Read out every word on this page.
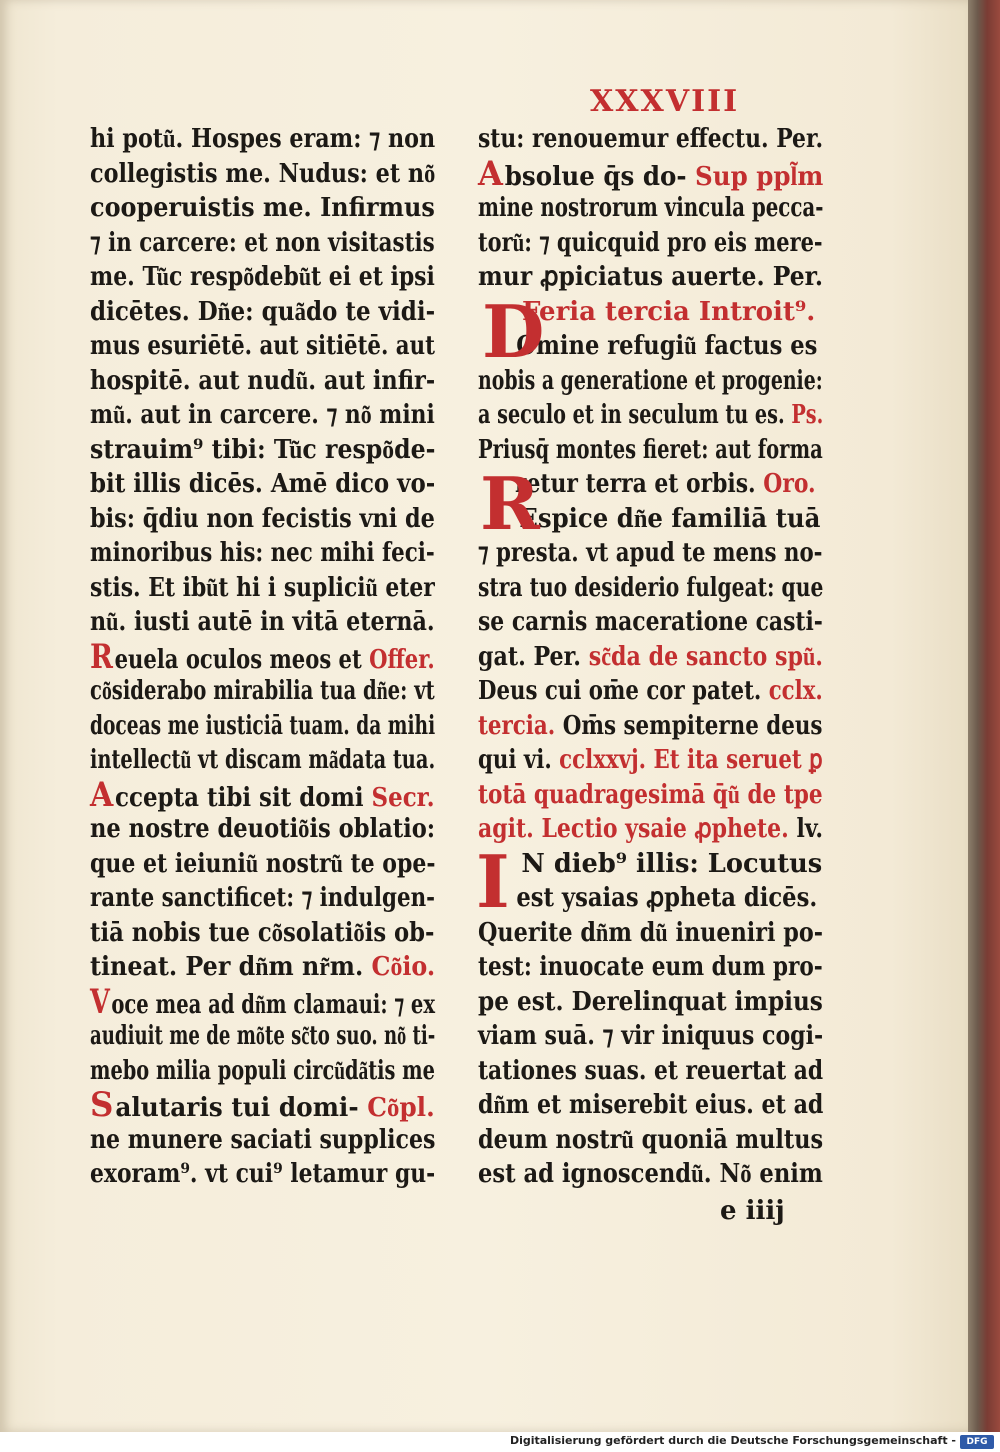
XXXVIII
hi potu͂. Hospes eram: ⁊ non
collegistis me. Nudus: et no͂
cooperuistis me. Infirmus
⁊ in carcere: et non visitastis
me. Tu͂c respo͂debu͂t ei et ipsi
dicētes. Dn͂e: qua͂do te vidi-
mus esuriētē. aut sitiētē. aut
hospitē. aut nudu͂. aut infir-
mu͂. aut in carcere. ⁊ no͂ mini
strauim⁹ tibi: Tu͂c respo͂de-
bit illis dicēs. Amē dico vo-
bis: q̄diu non fecistis vni de
minoribus his: nec mihi feci-
stis. Et ibu͂t hi i supliciu͂ eter
nu͂. iusti autē in vitā eternā.
Reuela oculos meos et Offer.
co͂siderabo mirabilia tua dn͂e: vt
doceas me iusticiā tuam. da mihi
intellectu͂ vt discam ma͂data tua.
Accepta tibi sit domi Secr.
ne nostre deuotio͂is oblatio:
que et ieiuniu͂ nostru͂ te ope-
rante sanctificet: ⁊ indulgen-
tiā nobis tue co͂solatio͂is ob-
tineat. Per dn͂m nr͂m. Co͂io.
Voce mea ad dn͂m clamaui: ⁊ ex
audiuit me de mo͂te sc͂to suo. no͂ ti-
mebo milia populi circu͂da͂tis me
Salutaris tui domi- Co͂pl.
ne munere saciati supplices
exoram⁹. vt cui⁹ letamur gu-
stu: renouemur effectu. Per.
Absolue q̄s do- Sup ppl͂m
mine nostrorum vincula pecca-
toru͂: ⁊ quicquid pro eis mere-
mur ꝓpiciatus auerte. Per.
Feria tercia Introit⁹.
Omine refugiu͂ factus es
nobis a generatione et progenie:
a seculo et in seculum tu es. Ps.
Priusq̄ montes fieret: aut forma
retur terra et orbis. Oro.
Espice dn͂e familiā tuā
⁊ presta. vt apud te mens no-
stra tuo desiderio fulgeat: que
se carnis maceratione casti-
gat. Per. sc͂da de sancto spu͂.
Deus cui om̄e cor patet. cclx.
tercia. Om̄s sempiterne deus
qui vi. cclxxvj. Et ita seruet ꝑ
totā quadragesimā q̄u͂ de tpe
agit. Lectio ysaie ꝓphete. lv.
N dieb⁹ illis: Locutus
est ysaias ꝓpheta dicēs.
Querite dn͂m du͂ inueniri po-
test: inuocate eum dum pro-
pe est. Derelinquat impius
viam suā. ⁊ vir iniquus cogi-
tationes suas. et reuertat ad
dn͂m et miserebit eius. et ad
deum nostru͂ quoniā multus
est ad ignoscendu͂. No͂ enim
D
R
I
e iiij
Digitalisierung gefördert durch die Deutsche Forschungsgemeinschaft -	DFG
